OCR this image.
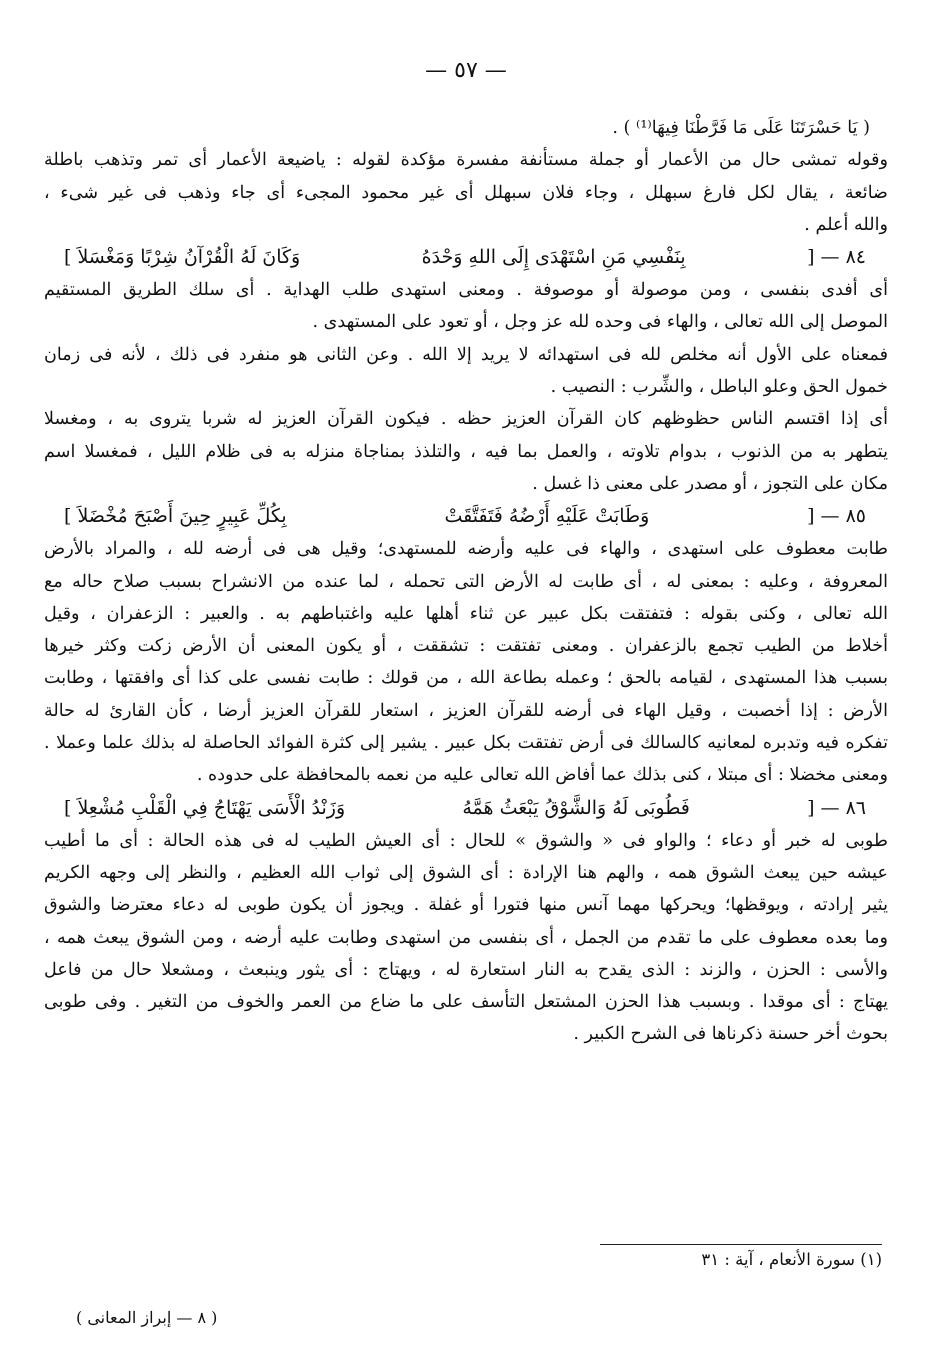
— ٥٧ —
( يَا حَسْرَتَنَا عَلَى مَا فَرَّطْنَا فِيهَا⁽¹⁾ ) .
وقوله تمشى حال من الأعمار أو جملة مستأنفة مفسرة مؤكدة لقوله : ياضيعة الأعمار أى تمر وتذهب باطلة
ضائعة ، يقال لكل فارغ سبهلل ، وجاء فلان سبهلل أى غير محمود المجىء أى جاء وذهب فى غير شىء ،
والله أعلم .
٨٤ — [
بِنَفْسِي مَنِ اسْتَهْدَى إِلَى اللهِ وَحْدَهُ
وَكَانَ لَهُ الْقُرْآنُ شِرْبًا وَمَغْسَلاَ ]
أى أفدى بنفسى ، ومن موصولة أو موصوفة . ومعنى استهدى طلب الهداية . أى سلك الطريق المستقيم
الموصل إلى الله تعالى ، والهاء فى وحده لله عز وجل ، أو تعود على المستهدى .
فمعناه على الأول أنه مخلص لله فى استهدائه لا يريد إلا الله . وعن الثانى هو منفرد فى ذلك ، لأنه فى زمان
خمول الحق وعلو الباطل ، والشِّرب : النصيب .
أى إذا اقتسم الناس حظوظهم كان القرآن العزيز حظه . فيكون القرآن العزيز له شربا يتروى به ، ومغسلا
يتطهر به من الذنوب ، بدوام تلاوته ، والعمل بما فيه ، والتلذذ بمناجاة منزله به فى ظلام الليل ، فمغسلا اسم
مكان على التجوز ، أو مصدر على معنى ذا غسل .
٨٥ — [
وَطَابَتْ عَلَيْهِ أَرْضُهُ فَتَفَتَّقَتْ
بِكُلِّ عَبِيرٍ حِينَ أَصْبَحَ مُخْضَلاَ ]
طابت معطوف على استهدى ، والهاء فى عليه وأرضه للمستهدى؛ وقيل هى فى أرضه لله ، والمراد بالأرض
المعروفة ، وعليه : بمعنى له ، أى طابت له الأرض التى تحمله ، لما عنده من الانشراح بسبب صلاح حاله مع
الله تعالى ، وكنى بقوله : فتفتقت بكل عبير عن ثناء أهلها عليه واغتباطهم به . والعبير : الزعفران ، وقيل
أخلاط من الطيب تجمع بالزعفران . ومعنى تفتقت : تشققت ، أو يكون المعنى أن الأرض زكت وكثر خيرها
بسبب هذا المستهدى ، لقيامه بالحق ؛ وعمله بطاعة الله ، من قولك : طابت نفسى على كذا أى وافقتها ، وطابت
الأرض : إذا أخصبت ، وقيل الهاء فى أرضه للقرآن العزيز ، استعار للقرآن العزيز أرضا ، كأن القارئ له حالة
تفكره فيه وتدبره لمعانيه كالسالك فى أرض تفتقت بكل عبير . يشير إلى كثرة الفوائد الحاصلة له بذلك علما وعملا .
ومعنى مخضلا : أى مبتلا ، كنى بذلك عما أفاض الله تعالى عليه من نعمه بالمحافظة على حدوده .
٨٦ — [
فَطُوبَى لَهُ وَالشَّوْقُ يَبْعَثُ هَمَّهُ
وَزَنْدُ الْأَسَى يَهْتَاجُ فِي الْقَلْبِ مُشْعِلاَ ]
طوبى له خبر أو دعاء ؛ والواو فى « والشوق » للحال : أى العيش الطيب له فى هذه الحالة : أى ما أطيب
عيشه حين يبعث الشوق همه ، والهم هنا الإرادة : أى الشوق إلى ثواب الله العظيم ، والنظر إلى وجهه الكريم
يثير إرادته ، ويوقظها؛ ويحركها مهما آنس منها فتورا أو غفلة . ويجوز أن يكون طوبى له دعاء معترضا والشوق
وما بعده معطوف على ما تقدم من الجمل ، أى بنفسى من استهدى وطابت عليه أرضه ، ومن الشوق يبعث همه ،
والأسى : الحزن ، والزند : الذى يقدح به النار استعارة له ، ويهتاج : أى يثور وينبعث ، ومشعلا حال من فاعل
يهتاج : أى موقدا . وبسبب هذا الحزن المشتعل التأسف على ما ضاع من العمر والخوف من التغير . وفى طوبى
بحوث أخر حسنة ذكرناها فى الشرح الكبير .
(١) سورة الأنعام ، آية : ٣١
( ٨ — إبراز المعانى )
